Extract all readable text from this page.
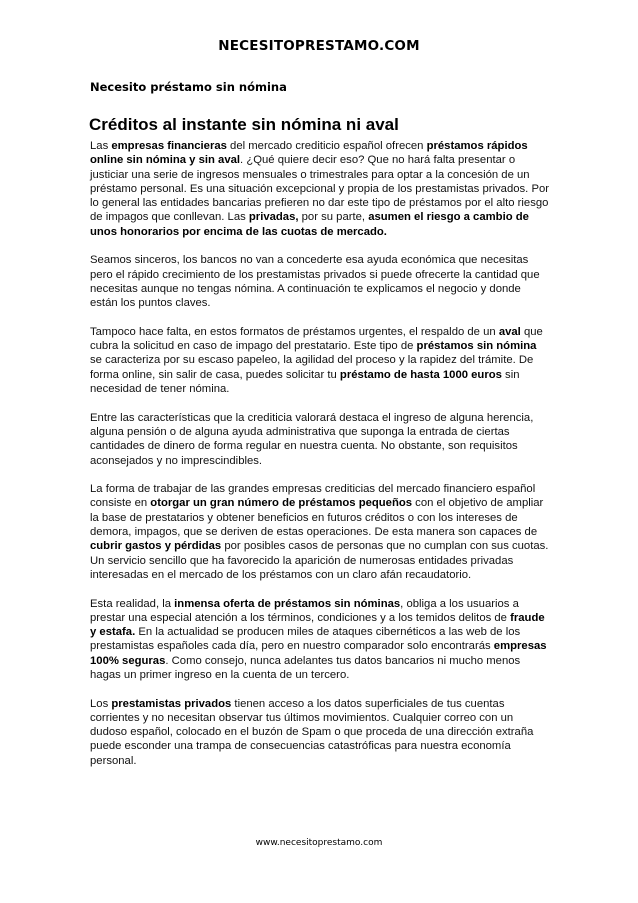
NECESITOPRESTAMO.COM
Necesito préstamo sin nómina
Créditos al instante sin nómina ni aval

Las empresas financieras del mercado crediticio español ofrecen préstamos rápidos online sin nómina y sin aval. ¿Qué quiere decir eso? Que no hará falta presentar o justiciar una serie de ingresos mensuales o trimestrales para optar a la concesión de un préstamo personal. Es una situación excepcional y propia de los prestamistas privados. Por lo general las entidades bancarias prefieren no dar este tipo de préstamos por el alto riesgo de impagos que conllevan. Las privadas, por su parte, asumen el riesgo a cambio de unos honorarios por encima de las cuotas de mercado.

Seamos sinceros, los bancos no van a concederte esa ayuda económica que necesitas pero el rápido crecimiento de los prestamistas privados si puede ofrecerte la cantidad que necesitas aunque no tengas nómina. A continuación te explicamos el negocio y donde están los puntos claves.

Tampoco hace falta, en estos formatos de préstamos urgentes, el respaldo de un aval que cubra la solicitud en caso de impago del prestatario. Este tipo de préstamos sin nómina se caracteriza por su escaso papeleo, la agilidad del proceso y la rapidez del trámite. De forma online, sin salir de casa, puedes solicitar tu préstamo de hasta 1000 euros sin necesidad de tener nómina.

Entre las características que la crediticia valorará destaca el ingreso de alguna herencia, alguna pensión o de alguna ayuda administrativa que suponga la entrada de ciertas cantidades de dinero de forma regular en nuestra cuenta. No obstante, son requisitos aconsejados y no imprescindibles.

La forma de trabajar de las grandes empresas crediticias del mercado financiero español consiste en otorgar un gran número de préstamos pequeños con el objetivo de ampliar la base de prestatarios y obtener beneficios en futuros créditos o con los intereses de demora, impagos, que se deriven de estas operaciones. De esta manera son capaces de cubrir gastos y pérdidas por posibles casos de personas que no cumplan con sus cuotas. Un servicio sencillo que ha favorecido la aparición de numerosas entidades privadas interesadas en el mercado de los préstamos con un claro afán recaudatorio.

Esta realidad, la inmensa oferta de préstamos sin nóminas, obliga a los usuarios a prestar una especial atención a los términos, condiciones y a los temidos delitos de fraude y estafa. En la actualidad se producen miles de ataques cibernéticos a las web de los prestamistas españoles cada día, pero en nuestro comparador solo encontrarás empresas 100% seguras. Como consejo, nunca adelantes tus datos bancarios ni mucho menos hagas un primer ingreso en la cuenta de un tercero.

Los prestamistas privados tienen acceso a los datos superficiales de tus cuentas corrientes y no necesitan observar tus últimos movimientos. Cualquier correo con un dudoso español, colocado en el buzón de Spam o que proceda de una dirección extraña puede esconder una trampa de consecuencias catastróficas para nuestra economía personal.

www.necesitoprestamo.com
